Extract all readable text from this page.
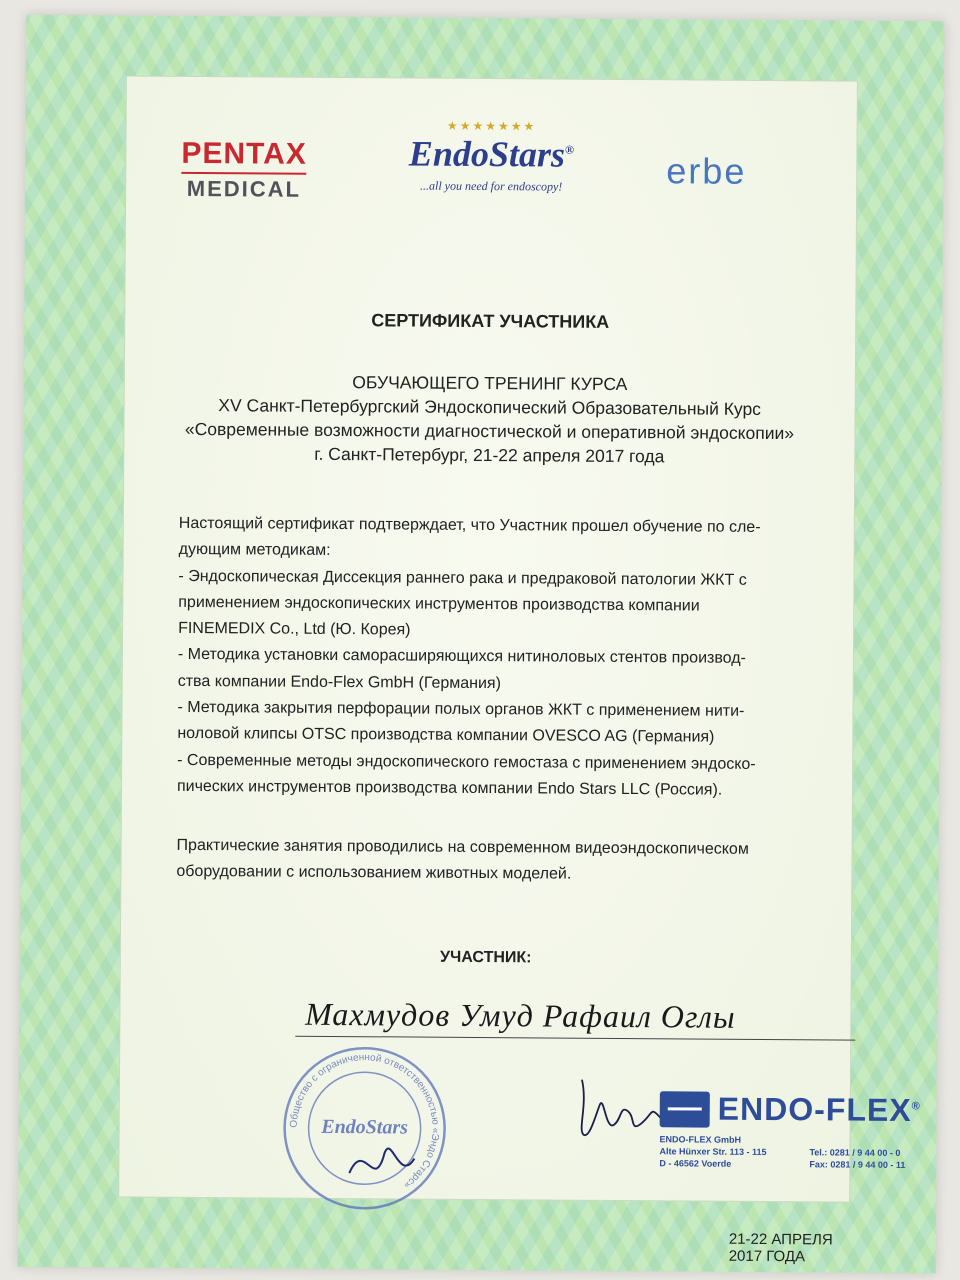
PENTAX
MEDICAL
★★★★★★★
EndoStars®
...all you need for endoscopy!	erbe
СЕРТИФИКАТ УЧАСТНИКА
ОБУЧАЮЩЕГО ТРЕНИНГ КУРСА
XV Санкт-Петербургский Эндоскопический Образовательный Курс
«Современные возможности диагностической и оперативной эндоскопии»
г. Санкт-Петербург, 21-22 апреля 2017 года

Настоящий сертификат подтверждает, что Участник прошел обучение по сле-

дующим методикам:

- Эндоскопическая Диссекция раннего рака и предраковой патологии ЖКТ с

применением эндоскопических инструментов производства компании

FINEMEDIX Co., Ltd (Ю. Корея)

- Методика установки саморасширяющихся нитиноловых стентов производ-

ства компании Endo-Flex GmbH (Германия)

- Методика закрытия перфорации полых органов ЖКТ с применением нити-

ноловой клипсы OTSC производства компании OVESCO AG (Германия)

- Современные методы эндоскопического гемостаза с применением эндоско-

пических инструментов производства компании Endo Stars LLC (Россия).

Практические занятия проводились на современном видеоэндоскопическом

оборудовании с использованием животных моделей.

УЧАСТНИК:
Махмудов Умуд Рафаил Оглы
Общество с ограниченной ответственностью «Эндо Старс»
EndoStars	ENDO-FLEX®
ENDO-FLEX GmbH
Alte Hünxer Str. 113 - 115
D - 46562 Voerde
Tel.: 0281 / 9 44 00 - 0
Fax: 0281 / 9 44 00 - 11
21-22 АПРЕЛЯ 2017 ГОДА
